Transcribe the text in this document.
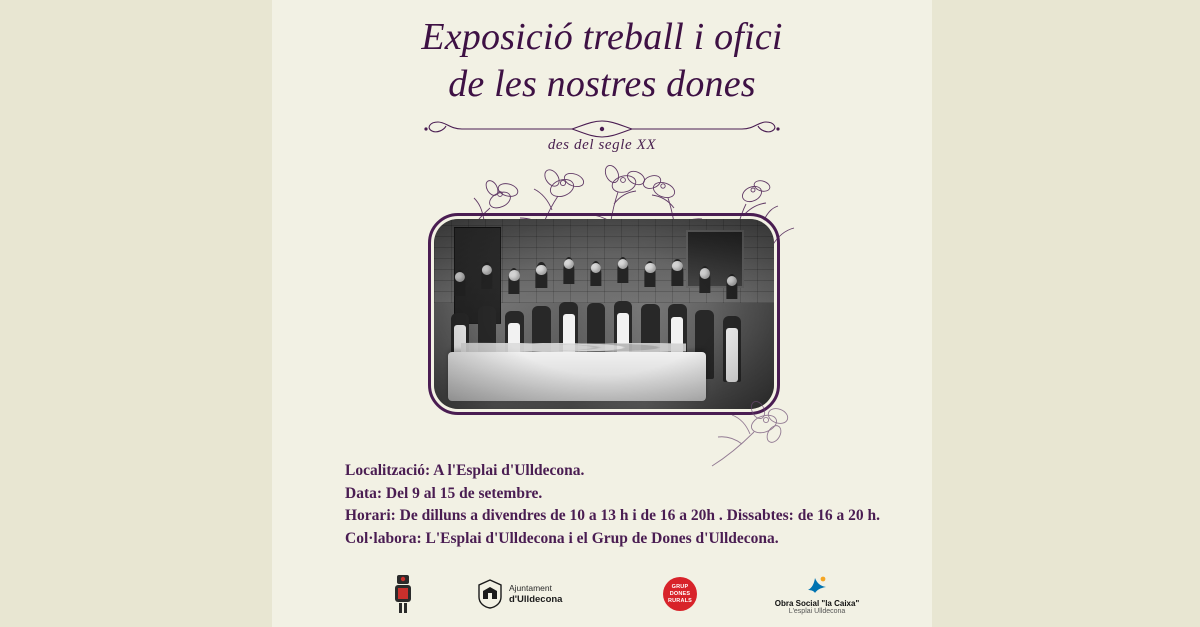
Exposició treball i ofici
de les nostres dones
des del segle XX
Localització: A l'Esplai d'Ulldecona.
Data: Del 9 al 15 de setembre.
Horari: De dilluns a divendres de 10 a 13 h i de 16 a 20h . Dissabtes: de 16 a 20 h.
Col·labora: L'Esplai d'Ulldecona i el Grup de Dones d'Ulldecona.
Ajuntament
d'Ulldecona
GRUP
DONES
RURALS	Obra Social "la Caixa"
L'esplai Ulldecona
